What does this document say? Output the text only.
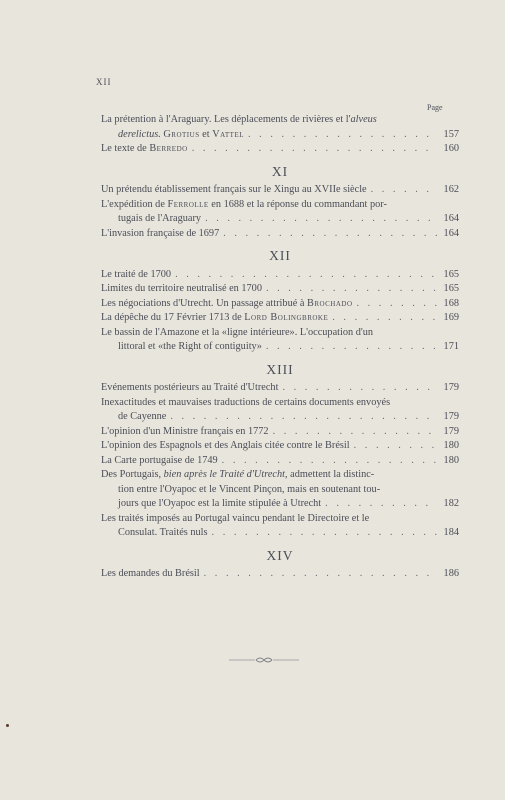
XII
Page
La prétention à l'Araguary. Les déplacements de rivières et l'alveus
derelictus. Grotius et Vattel . . .	157
Le texte de Berredo . . .	160
XI
Un prétendu établissement français sur le Xingu au XVIIe siècle . . .	162
L'expédition de Ferrolle en 1688 et la réponse du commandant por-
tugais de l'Araguary . . .	164
L'invasion française de 1697 . . .	164
XII
Le traité de 1700 . . .	165
Limites du territoire neutralisé en 1700 . . .	165
Les négociations d'Utrecht. Un passage attribué à Brochado . . .	168
La dépêche du 17 Février 1713 de Lord Bolingbroke . . .	169
Le bassin de l'Amazone et la «ligne intérieure». L'occupation d'un
littoral et «the Right of contiguity» . . .	171
XIII
Evénements postérieurs au Traité d'Utrecht . . .	179
Inexactitudes et mauvaises traductions de certains documents envoyés
de Cayenne . . .	179
L'opinion d'un Ministre français en 1772 . . .	179
L'opinion des Espagnols et des Anglais citée contre le Brésil . . .	180
La Carte portugaise de 1749 . . .	180
Des Portugais, bien après le Traité d'Utrecht, admettent la distinc-
tion entre l'Oyapoc et le Vincent Pinçon, mais en soutenant tou-
jours que l'Oyapoc est la limite stipulée à Utrecht . . .	182
Les traités imposés au Portugal vaincu pendant le Directoire et le
Consulat. Traités nuls . . .	184
XIV
Les demandes du Brésil . . .	186
